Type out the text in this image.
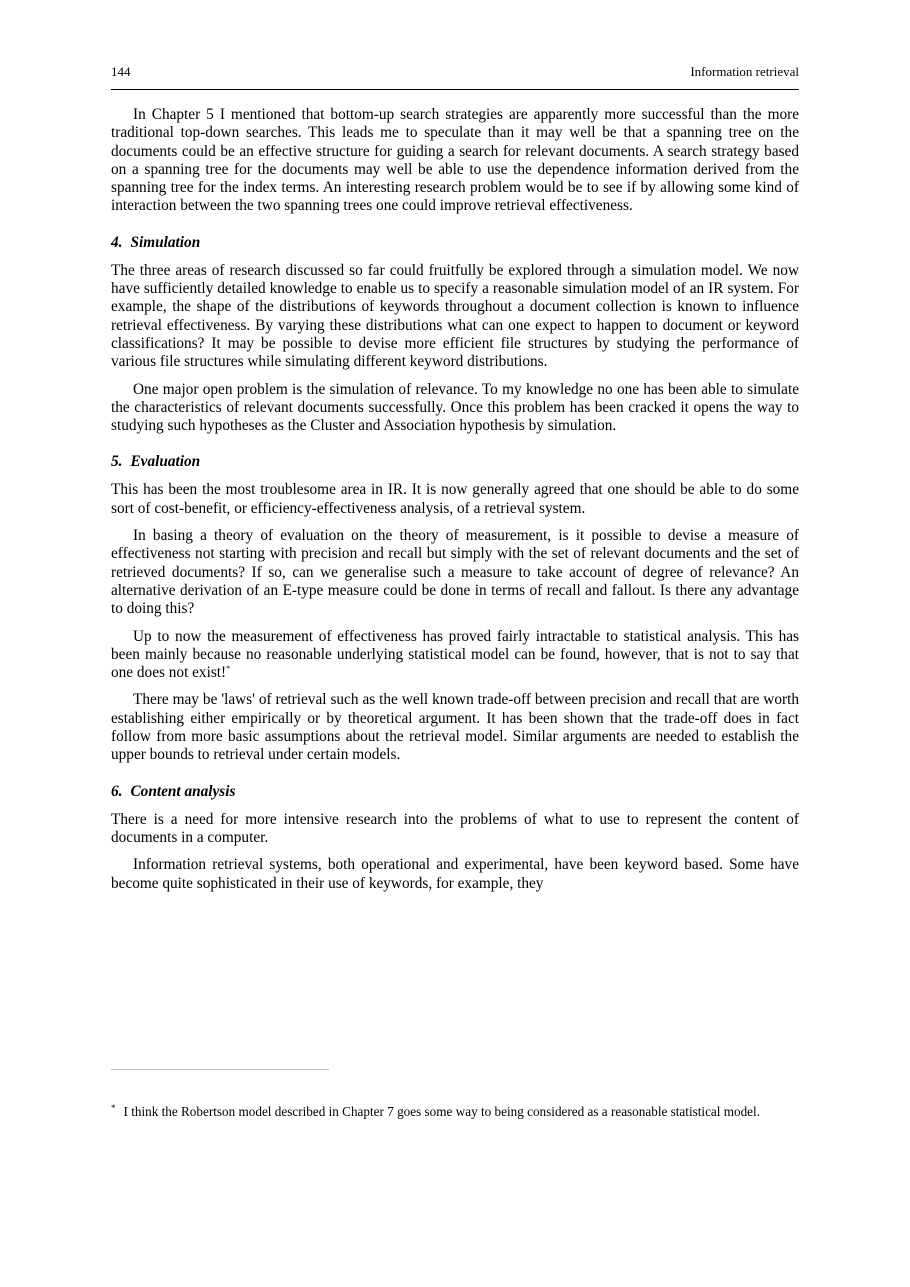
144	Information retrieval

In Chapter 5 I mentioned that bottom-up search strategies are apparently more successful than the more traditional top-down searches. This leads me to speculate than it may well be that a spanning tree on the documents could be an effective structure for guiding a search for relevant documents. A search strategy based on a spanning tree for the documents may well be able to use the dependence information derived from the spanning tree for the index terms. An interesting research problem would be to see if by allowing some kind of interaction between the two spanning trees one could improve retrieval effectiveness.

4. Simulation

The three areas of research discussed so far could fruitfully be explored through a simulation model. We now have sufficiently detailed knowledge to enable us to specify a reasonable simulation model of an IR system. For example, the shape of the distributions of keywords throughout a document collection is known to influence retrieval effectiveness. By varying these distributions what can one expect to happen to document or keyword classifications? It may be possible to devise more efficient file structures by studying the performance of various file structures while simulating different keyword distributions.

One major open problem is the simulation of relevance. To my knowledge no one has been able to simulate the characteristics of relevant documents successfully. Once this problem has been cracked it opens the way to studying such hypotheses as the Cluster and Association hypothesis by simulation.

5. Evaluation

This has been the most troublesome area in IR. It is now generally agreed that one should be able to do some sort of cost-benefit, or efficiency-effectiveness analysis, of a retrieval system.

In basing a theory of evaluation on the theory of measurement, is it possible to devise a measure of effectiveness not starting with precision and recall but simply with the set of relevant documents and the set of retrieved documents? If so, can we generalise such a measure to take account of degree of relevance? An alternative derivation of an E-type measure could be done in terms of recall and fallout. Is there any advantage to doing this?

Up to now the measurement of effectiveness has proved fairly intractable to statistical analysis. This has been mainly because no reasonable underlying statistical model can be found, however, that is not to say that one does not exist!*

There may be 'laws' of retrieval such as the well known trade-off between precision and recall that are worth establishing either empirically or by theoretical argument. It has been shown that the trade-off does in fact follow from more basic assumptions about the retrieval model. Similar arguments are needed to establish the upper bounds to retrieval under certain models.

6. Content analysis

There is a need for more intensive research into the problems of what to use to represent the content of documents in a computer.

Information retrieval systems, both operational and experimental, have been keyword based. Some have become quite sophisticated in their use of keywords, for example, they

* I think the Robertson model described in Chapter 7 goes some way to being considered as a reasonable statistical model.
